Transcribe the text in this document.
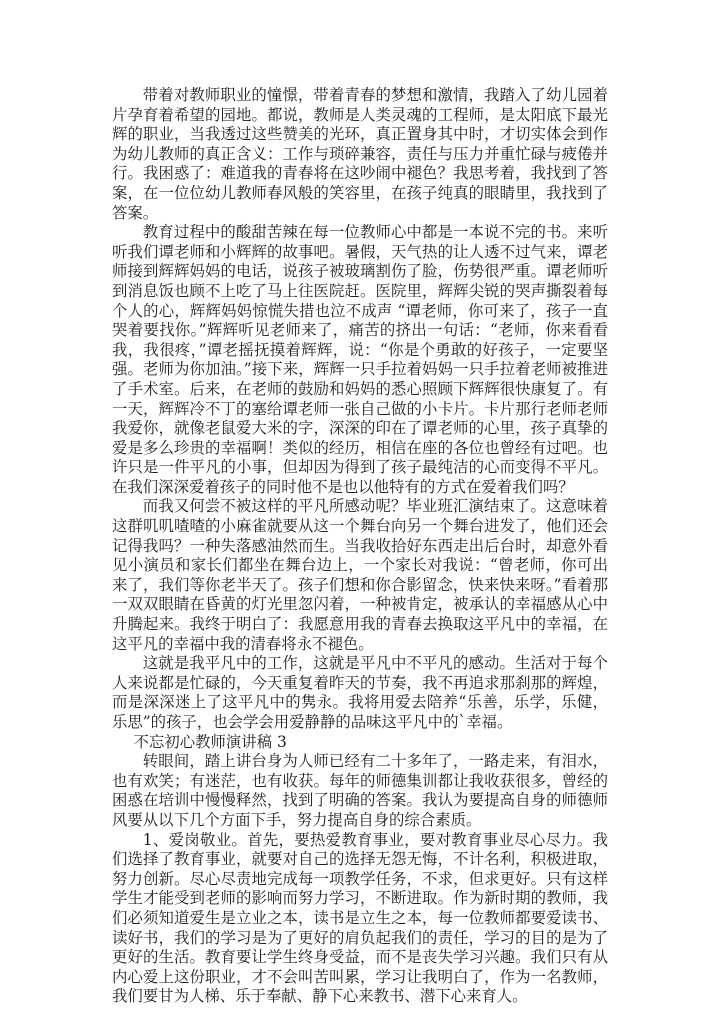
带着对教师职业的憧憬，带着青春的梦想和激情，我踏入了幼儿园着片孕育着希望的园地。都说，教师是人类灵魂的工程师，是太阳底下最光辉的职业，当我透过这些赞美的光环，真正置身其中时，才切实体会到作为幼儿教师的真正含义：工作与琐碎兼容，责任与压力并重忙碌与疲倦并行。我困惑了：难道我的青春将在这吵闹中褪色？我思考着，我找到了答案，在一位位幼儿教师春风般的笑容里，在孩子纯真的眼睛里，我找到了答案。

教育过程中的酸甜苦辣在每一位教师心中都是一本说不完的书。来听听我们谭老师和小辉辉的故事吧。暑假，天气热的让人透不过气来，谭老师接到辉辉妈妈的电话，说孩子被玻璃割伤了脸，伤势很严重。谭老师听到消息饭也顾不上吃了马上往医院赶。医院里，辉辉尖锐的哭声撕裂着每个人的心，辉辉妈妈惊慌失措也泣不成声 “谭老师，你可来了，孩子一直哭着要找你。”辉辉听见老师来了，痛苦的挤出一句话：“老师，你来看看我，我很疼，”谭老摇抚摸着辉辉，说：“你是个勇敢的好孩子，一定要坚强。老师为你加油。”接下来，辉辉一只手拉着妈妈一只手拉着老师被推进了手术室。后来，在老师的鼓励和妈妈的悉心照顾下辉辉很快康复了。有一天，辉辉冷不丁的塞给谭老师一张自己做的小卡片。卡片那行老师老师我爱你，就像老鼠爱大米的字，深深的印在了谭老师的心里，孩子真挚的爱是多么珍贵的幸福啊！类似的经历，相信在座的各位也曾经有过吧。也许只是一件平凡的小事，但却因为得到了孩子最纯洁的心而变得不平凡。在我们深深爱着孩子的同时他不是也以他特有的方式在爱着我们吗？

而我又何尝不被这样的平凡所感动呢？毕业班汇演结束了。这意味着这群叽叽喳喳的小麻雀就要从这一个舞台向另一个舞台进发了，他们还会记得我吗？一种失落感油然而生。当我收拾好东西走出后台时，却意外看见小演员和家长们都坐在舞台边上，一个家长对我说：“曾老师，你可出来了，我们等你老半天了。孩子们想和你合影留念，快来快来呀。”看着那一双双眼睛在昏黄的灯光里忽闪着，一种被肯定，被承认的幸福感从心中升腾起来。我终于明白了：我愿意用我的青春去换取这平凡中的幸福，在这平凡的幸福中我的清春将永不褪色。

这就是我平凡中的工作，这就是平凡中不平凡的感动。生活对于每个人来说都是忙碌的，今天重复着昨天的节奏，我不再追求那刹那的辉煌，而是深深迷上了这平凡中的隽永。我将用爱去陪养“乐善，乐学，乐健，乐思”的孩子，也会学会用爱静静的品味这平凡中的`幸福。

不忘初心教师演讲稿 3

转眼间，踏上讲台身为人师已经有二十多年了，一路走来，有泪水，也有欢笑；有迷茫，也有收获。每年的师德集训都让我收获很多，曾经的困惑在培训中慢慢释然，找到了明确的答案。我认为要提高自身的师德师风要从以下几个方面下手，努力提高自身的综合素质。

1、爱岗敬业。首先，要热爱教育事业，要对教育事业尽心尽力。我们选择了教育事业，就要对自己的选择无怨无悔，不计名利，积极进取，努力创新。尽心尽责地完成每一项教学任务，不求，但求更好。只有这样学生才能受到老师的影响而努力学习，不断进取。作为新时期的教师，我们必须知道爱生是立业之本，读书是立生之本，每一位教师都要爱读书、读好书，我们的学习是为了更好的肩负起我们的责任，学习的目的是为了更好的生活。教育要让学生终身受益，而不是丧失学习兴趣。我们只有从内心爱上这份职业，才不会叫苦叫累，学习让我明白了，作为一名教师，我们要甘为人梯、乐于奉献、静下心来教书、潜下心来育人。
